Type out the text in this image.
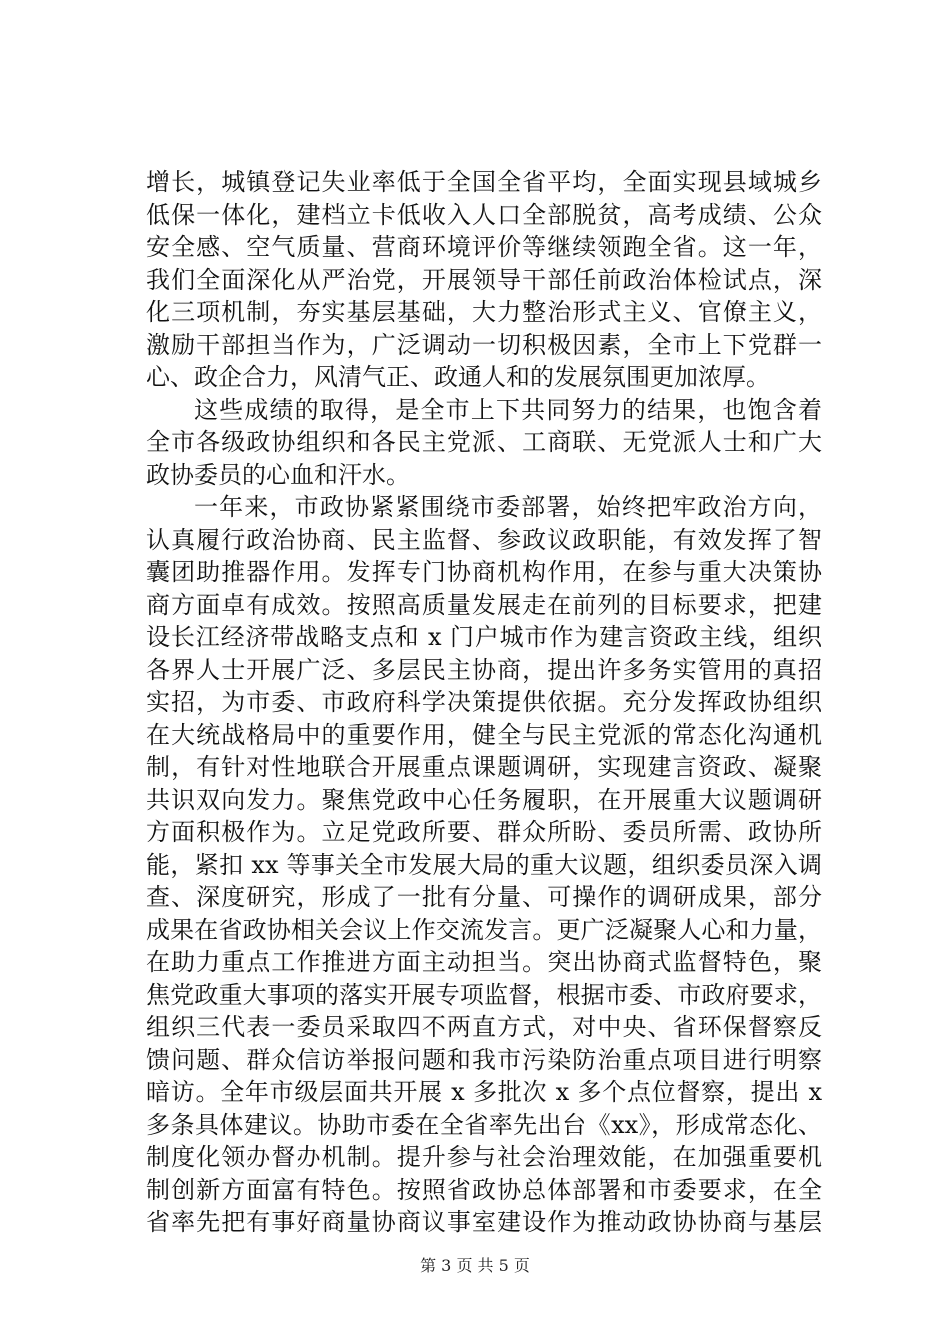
增长，城镇登记失业率低于全国全省平均，全面实现县域城乡
低保一体化，建档立卡低收入人口全部脱贫，高考成绩、公众
安全感、空气质量、营商环境评价等继续领跑全省。这一年，
我们全面深化从严治党，开展领导干部任前政治体检试点，深
化三项机制，夯实基层基础，大力整治形式主义、官僚主义，
激励干部担当作为，广泛调动一切积极因素，全市上下党群一
心、政企合力，风清气正、政通人和的发展氛围更加浓厚。

这些成绩的取得，是全市上下共同努力的结果，也饱含着
全市各级政协组织和各民主党派、工商联、无党派人士和广大
政协委员的心血和汗水。

一年来，市政协紧紧围绕市委部署，始终把牢政治方向，
认真履行政治协商、民主监督、参政议政职能，有效发挥了智
囊团助推器作用。发挥专门协商机构作用，在参与重大决策协
商方面卓有成效。按照高质量发展走在前列的目标要求，把建
设长江经济带战略支点和 x 门户城市作为建言资政主线，组织
各界人士开展广泛、多层民主协商，提出许多务实管用的真招
实招，为市委、市政府科学决策提供依据。充分发挥政协组织
在大统战格局中的重要作用，健全与民主党派的常态化沟通机
制，有针对性地联合开展重点课题调研，实现建言资政、凝聚
共识双向发力。聚焦党政中心任务履职，在开展重大议题调研
方面积极作为。立足党政所要、群众所盼、委员所需、政协所
能，紧扣 xx 等事关全市发展大局的重大议题，组织委员深入调
查、深度研究，形成了一批有分量、可操作的调研成果，部分
成果在省政协相关会议上作交流发言。更广泛凝聚人心和力量，
在助力重点工作推进方面主动担当。突出协商式监督特色，聚
焦党政重大事项的落实开展专项监督，根据市委、市政府要求，
组织三代表一委员采取四不两直方式，对中央、省环保督察反
馈问题、群众信访举报问题和我市污染防治重点项目进行明察
暗访。全年市级层面共开展 x 多批次 x 多个点位督察，提出 x
多条具体建议。协助市委在全省率先出台《xx》，形成常态化、
制度化领办督办机制。提升参与社会治理效能，在加强重要机
制创新方面富有特色。按照省政协总体部署和市委要求，在全
省率先把有事好商量协商议事室建设作为推动政协协商与基层

第 3 页 共 5 页
